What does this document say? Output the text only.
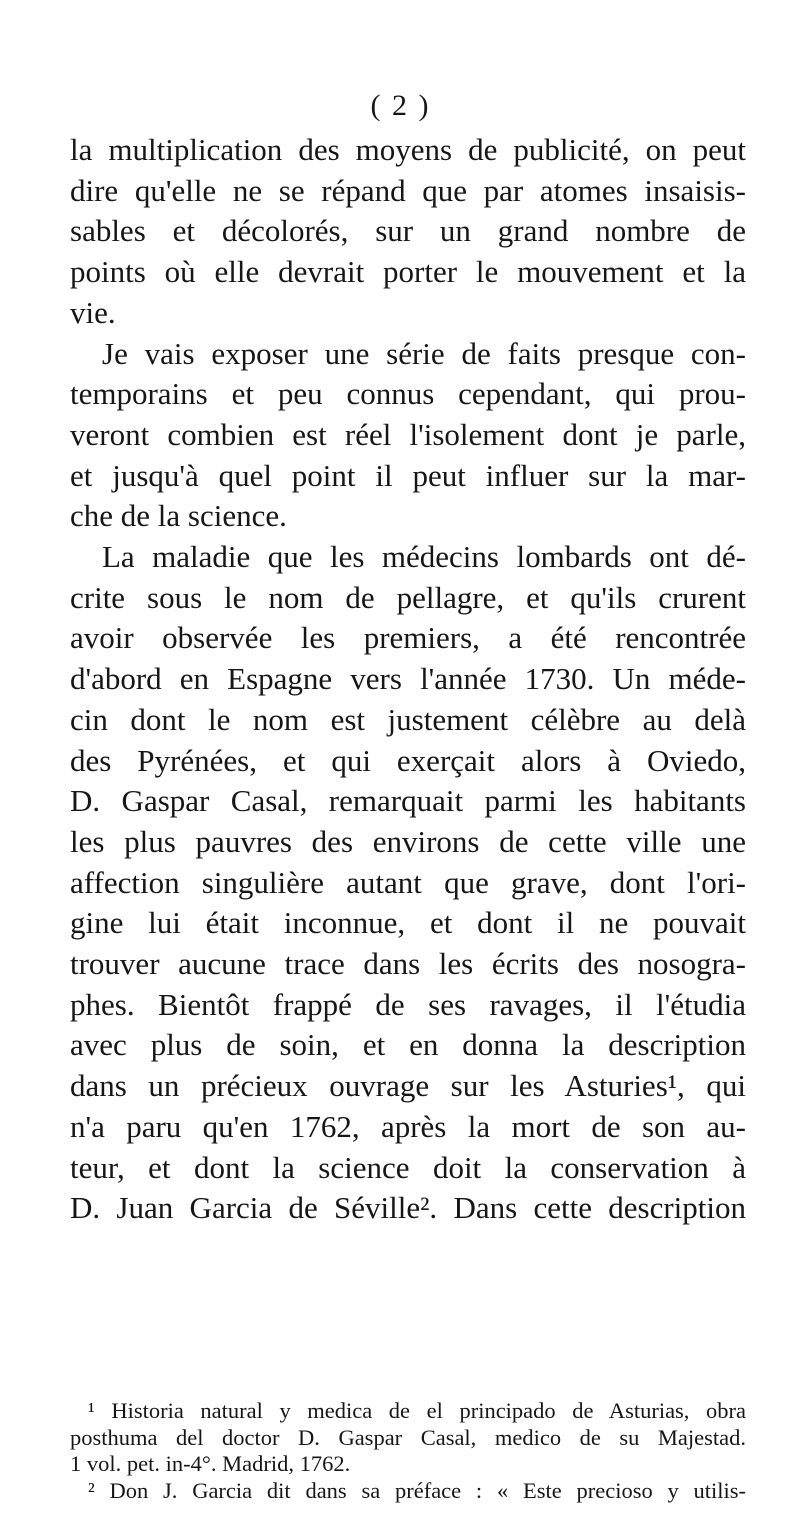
( 2 )
la multiplication des moyens de publicité, on peut
dire qu'elle ne se répand que par atomes insaisis-
sables et décolorés, sur un grand nombre de
points où elle devrait porter le mouvement et la
vie.
Je vais exposer une série de faits presque con-
temporains et peu connus cependant, qui prou-
veront combien est réel l'isolement dont je parle,
et jusqu'à quel point il peut influer sur la mar-
che de la science.
La maladie que les médecins lombards ont dé-
crite sous le nom de pellagre, et qu'ils crurent
avoir observée les premiers, a été rencontrée
d'abord en Espagne vers l'année 1730. Un méde-
cin dont le nom est justement célèbre au delà
des Pyrénées, et qui exerçait alors à Oviedo,
D. Gaspar Casal, remarquait parmi les habitants
les plus pauvres des environs de cette ville une
affection singulière autant que grave, dont l'ori-
gine lui était inconnue, et dont il ne pouvait
trouver aucune trace dans les écrits des nosogra-
phes. Bientôt frappé de ses ravages, il l'étudia
avec plus de soin, et en donna la description
dans un précieux ouvrage sur les Asturies¹, qui
n'a paru qu'en 1762, après la mort de son au-
teur, et dont la science doit la conservation à
D. Juan Garcia de Séville². Dans cette description
¹ Historia natural y medica de el principado de Asturias, obra
posthuma del doctor D. Gaspar Casal, medico de su Majestad.
1 vol. pet. in-4°. Madrid, 1762.
² Don J. Garcia dit dans sa préface : « Este precioso y utilis-
